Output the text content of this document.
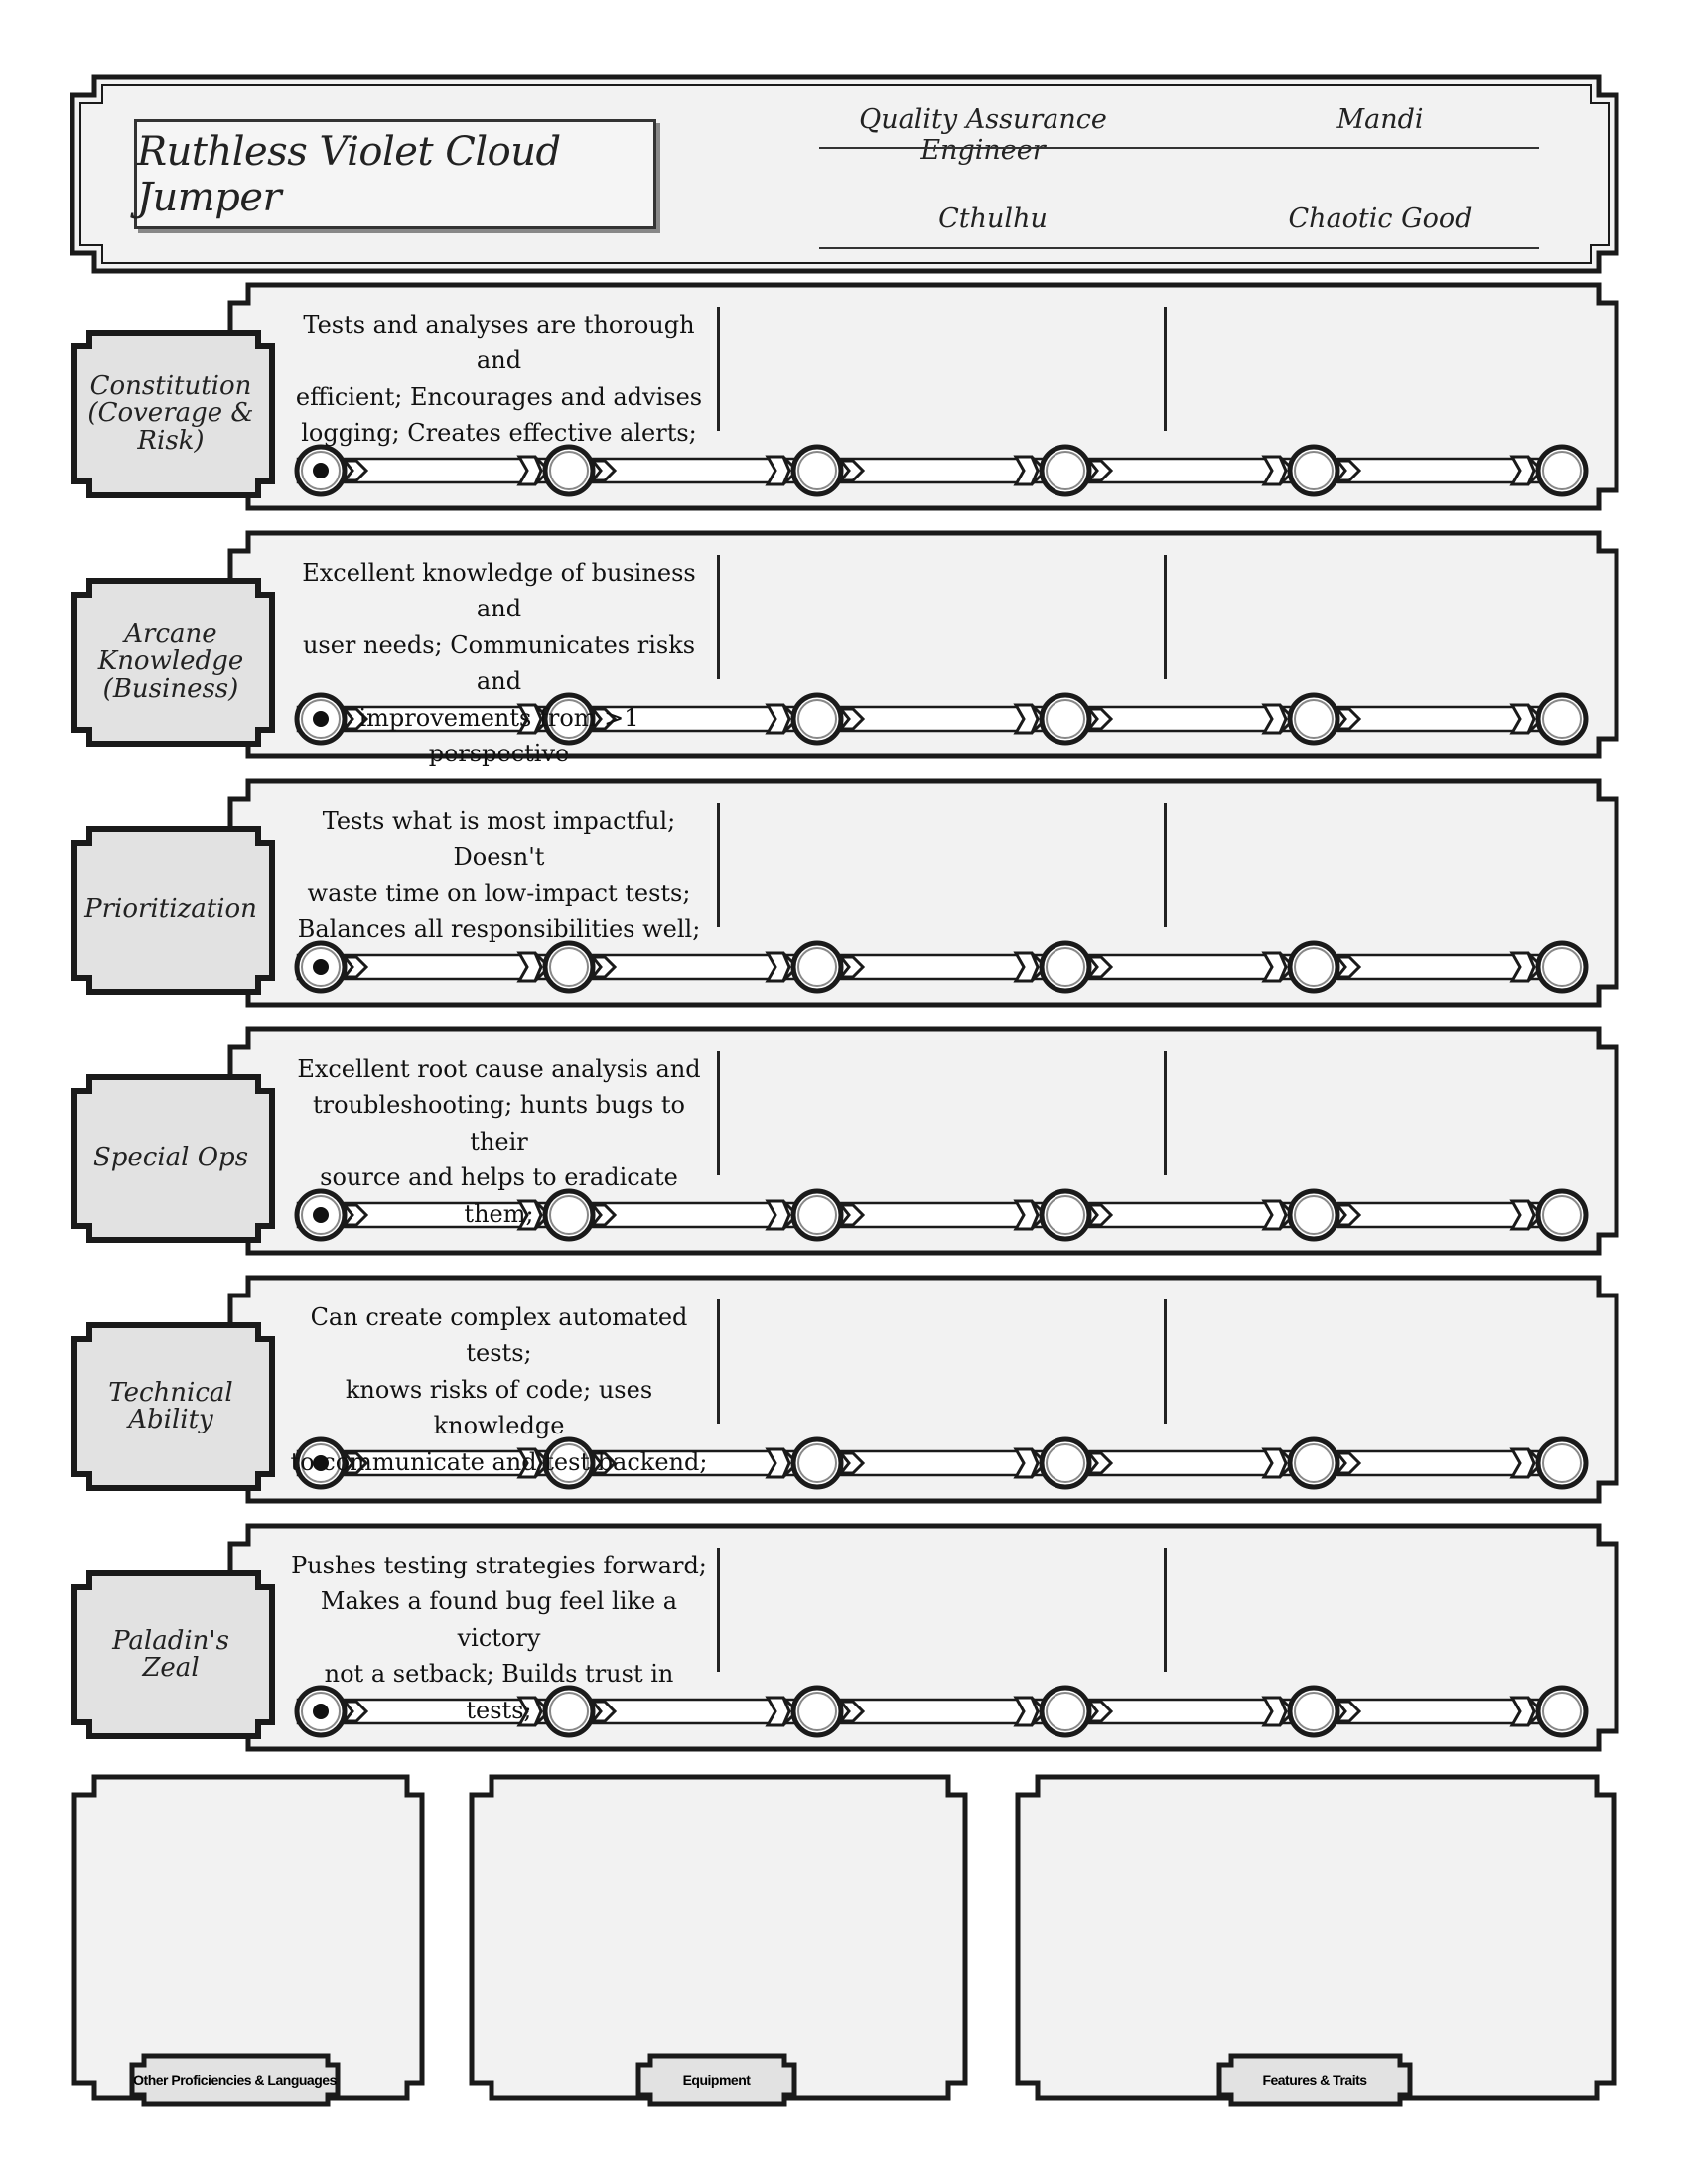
Ruthless Violet Cloud Jumper
Quality Assurance Engineer
Mandi
Cthulhu	Chaotic Good
Constitution
(Coverage &
Risk)
Tests and analyses are thorough and
efficient; Encourages and advises
logging; Creates effective alerts;
Arcane
Knowledge
(Business)
Excellent knowledge of business and
user needs; Communicates risks and
improvements from >1 perspective
Prioritization
Tests what is most impactful; Doesn't
waste time on low-impact tests;
Balances all responsibilities well;
Special Ops
Excellent root cause analysis and
troubleshooting; hunts bugs to their
source and helps to eradicate them;
Technical Ability
Can create complex automated tests;
knows risks of code; uses knowledge
to communicate and test backend;
Paladin's
Zeal
Pushes testing strategies forward;
Makes a found bug feel like a victory
not a setback; Builds trust in tests;
Other Proficiencies & Languages	Equipment	Features & Traits
